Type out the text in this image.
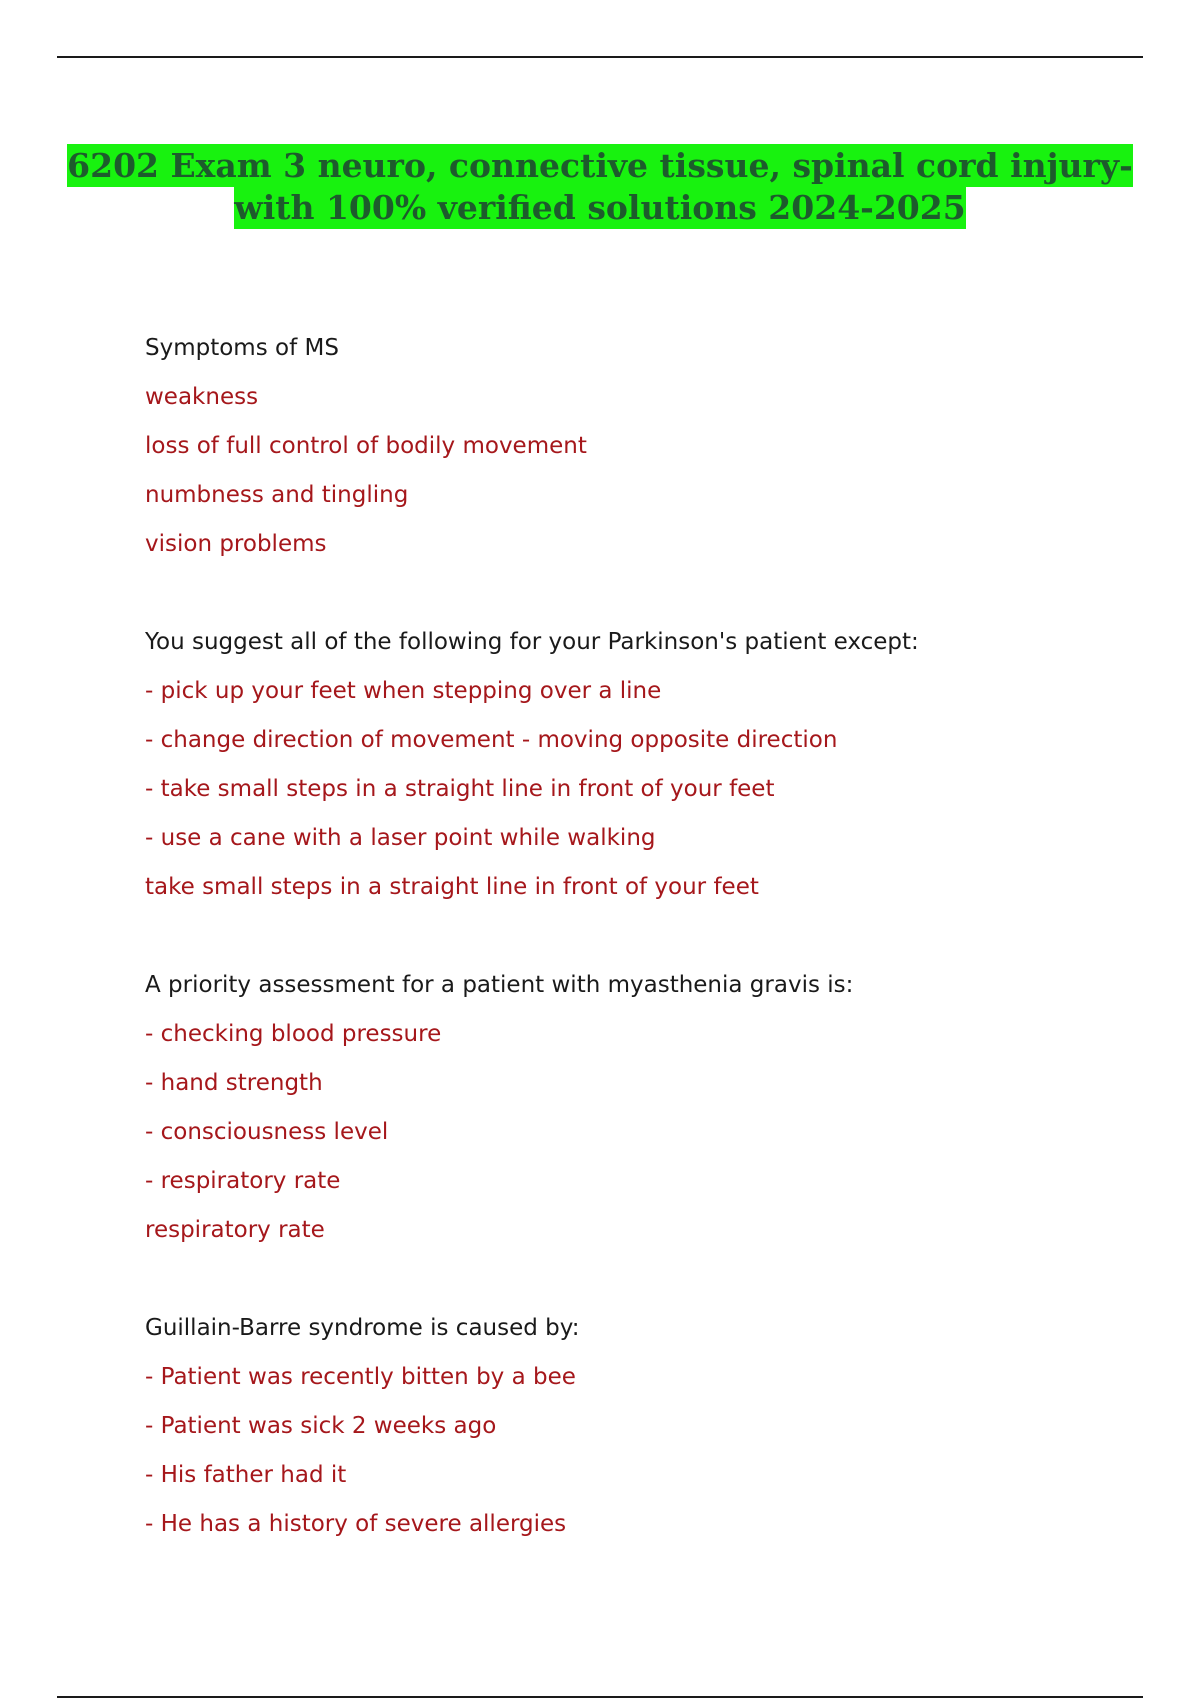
6202 Exam 3 neuro, connective tissue, spinal cord injury-
with 100% verified solutions 2024-2025
Symptoms of MS
weakness
loss of full control of bodily movement
numbness and tingling
vision problems
You suggest all of the following for your Parkinson's patient except:
- pick up your feet when stepping over a line
- change direction of movement - moving opposite direction
- take small steps in a straight line in front of your feet
- use a cane with a laser point while walking
take small steps in a straight line in front of your feet
A priority assessment for a patient with myasthenia gravis is:
- checking blood pressure
- hand strength
- consciousness level
- respiratory rate
respiratory rate
Guillain-Barre syndrome is caused by:
- Patient was recently bitten by a bee
- Patient was sick 2 weeks ago
- His father had it
- He has a history of severe allergies
